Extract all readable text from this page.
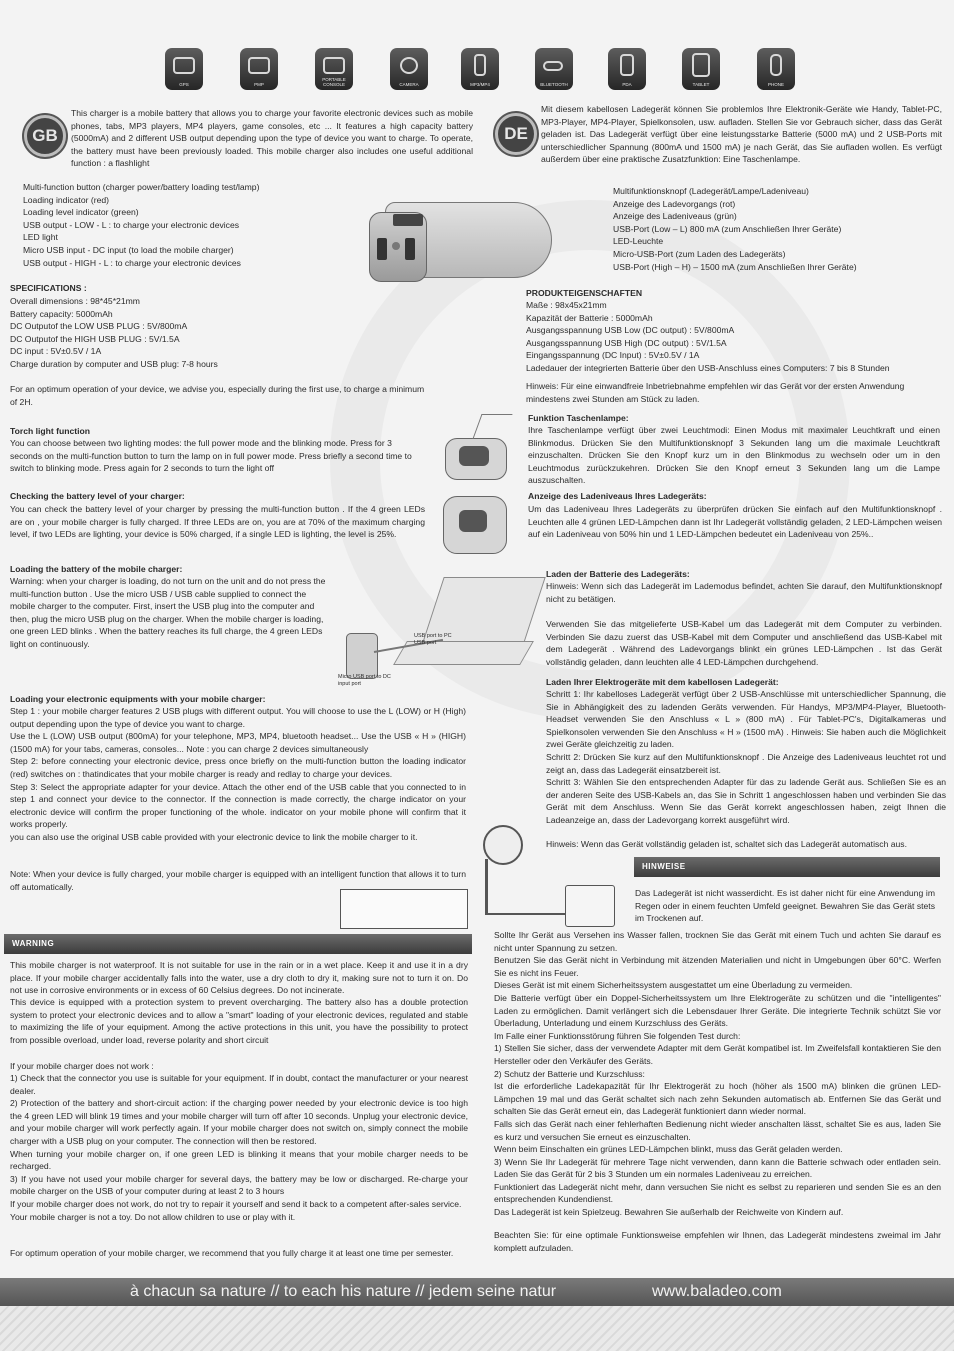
GPS	PMP
PORTABLE CONSOLE	CAMERA	MP3/MP4	BLUETOOTH	PDA	TABLET	PHONE
GB

This charger is a mobile battery that allows you to charge your favorite electronic devices such as mobile phones, tabs, MP3 players, MP4 players, game consoles, etc ... It features a high capacity battery (5000mA) and 2 different USB output depending upon the type of device you want to charge. To operate, the battery must have been previously loaded. This mobile charger also includes one useful additional function : a flashlight

Multi-function button (charger power/battery loading test/lamp)
Loading indicator (red)
Loading level indicator (green)
USB output - LOW - L : to charge your electronic devices
LED light
Micro USB input - DC input (to load the mobile charger)
USB output - HIGH - L : to charge your electronic devices
SPECIFICATIONS :
Overall dimensions : 98*45*21mm
Battery capacity: 5000mAh
DC Outputof the LOW USB PLUG : 5V/800mA
DC Outputof the HIGH USB PLUG : 5V/1.5A
DC input : 5V±0.5V / 1A
Charge duration by computer and USB plug: 7-8 hours

For an optimum operation of your device, we advise you, especially during the first use, to charge a minimum of 2H.

Torch light function

You can choose between two lighting modes: the full power mode and the blinking mode. Press for 3 seconds on the multi-function button to turn the lamp on in full power mode. Press briefly a second time to switch to blinking mode. Press again for 2 seconds to turn the light off

Checking the battery level of your charger:

You can check the battery level of your charger by pressing the multi-function button . If the 4 green LEDs are on , your mobile charger is fully charged. If three LEDs are on, you are at 70% of the maximum charging level, if two LEDs are lighting, your device is 50% charged, if a single LED is lighting, the level is 25%.

Loading the battery of the mobile charger:

Warning: when your charger is loading, do not turn on the unit and do not press the multi-function button . Use the micro USB / USB cable supplied to connect the mobile charger to the computer. First, insert the USB plug into the computer and then, plug the micro USB plug on the charger. When the mobile charger is loading, one green LED blinks . When the battery reaches its full charge, the 4 green LEDs light on continuously.

USB port to PC USB port
Micro USB port to DC input port
Loading your electronic equipments with your mobile charger:

Step 1 : your mobile charger features 2 USB plugs with different output. You will choose to use the L (LOW) or H (High) output depending upon the type of device you want to charge.

Use the L (LOW) USB output (800mA) for your telephone, MP3, MP4, bluetooth headset... Use the USB « H » (HIGH) (1500 mA) for your tabs, cameras, consoles... Note : you can charge 2 devices simultaneously

Step 2: before connecting your electronic device, press once briefly on the multi-function button the loading indicator (red) switches on : thatindicates that your mobile charger is ready and redlay to charge your devices.

Step 3: Select the appropriate adapter for your device. Attach the other end of the USB cable that you connected to in step 1 and connect your device to the connector. If the connection is made correctly, the charge indicator on your electronic device will confirm the proper functioning of the whole. indicator on your mobile phone will confirm that it works properly.

you can also use the original USB cable provided with your electronic device to link the mobile charger to it.

Note: When your device is fully charged, your mobile charger is equipped with an intelligent function that allows it to turn off automatically.

WARNING

This mobile charger is not waterproof. It is not suitable for use in the rain or in a wet place. Keep it and use it in a dry place. If your mobile charger accidentally falls into the water, use a dry cloth to dry it, making sure not to turn it on. Do not use in corrosive environments or in excess of 60 Celsius degrees. Do not incinerate.

This device is equipped with a protection system to prevent overcharging. The battery also has a double protection system to protect your electronic devices and to allow a "smart" loading of your electronic devices, regulated and stable to maximizing the life of your equipment. Among the active protections in this unit, you have the possibility to protect from possible overload, under load, reverse polarity and short circuit

If your mobile charger does not work :

1) Check that the connector you use is suitable for your equipment. If in doubt, contact the manufacturer or your nearest dealer.

2) Protection of the battery and short-circuit action: if the charging power needed by your electronic device is too high the 4 green LED will blink 19 times and your mobile charger will turn off after 10 seconds. Unplug your electronic device, and your mobile charger will work perfectly again. If your mobile charger does not switch on, simply connect the mobile charger with a USB plug on your computer. The connection will then be restored.

When turning your mobile charger on, if one green LED is blinking it means that your mobile charger needs to be recharged.

3) If you have not used your mobile charger for several days, the battery may be low or discharged. Re-charge your mobile charger on the USB of your computer during at least 2 to 3 hours

If your mobile charger does not work, do not try to repair it yourself and send it back to a competent after-sales service.

Your mobile charger is not a toy. Do not allow children to use or play with it.

For optimum operation of your mobile charger, we recommend that you fully charge it at least one time per semester.

DE

Mit diesem kabellosen Ladegerät können Sie problemlos Ihre Elektronik-Geräte wie Handy, Tablet-PC, MP3-Player, MP4-Player, Spielkonsolen, usw. aufladen. Stellen Sie vor Gebrauch sicher, dass das Gerät geladen ist. Das Ladegerät verfügt über eine leistungsstarke Batterie (5000 mA) und 2 USB-Ports mit unterschiedlicher Spannung (800mA und 1500 mA) je nach Gerät, das Sie aufladen wollen. Es verfügt außerdem über eine praktische Zusatzfunktion: Eine Taschenlampe.

Multifunktionsknopf (Ladegerät/Lampe/Ladeniveau)
Anzeige des Ladevorgangs (rot)
Anzeige des Ladeniveaus (grün)
USB-Port (Low – L) 800 mA (zum Anschließen Ihrer Geräte)
LED-Leuchte
Micro-USB-Port (zum Laden des Ladegeräts)
USB-Port (High – H) – 1500 mA (zum Anschließen Ihrer Geräte)
PRODUKTEIGENSCHAFTEN
Maße : 98x45x21mm
Kapazität der Batterie : 5000mAh
Ausgangsspannung USB Low (DC output) : 5V/800mA
Ausgangsspannung USB High (DC output) : 5V/1.5A
Eingangsspannung (DC Input) : 5V±0.5V / 1A
Ladedauer der integrierten Batterie über den USB-Anschluss eines Computers: 7 bis 8 Stunden

Hinweis: Für eine einwandfreie Inbetriebnahme empfehlen wir das Gerät vor der ersten Anwendung mindestens zwei Stunden am Stück zu laden.

Funktion Taschenlampe:

Ihre Taschenlampe verfügt über zwei Leuchtmodi: Einen Modus mit maximaler Leuchtkraft und einen Blinkmodus. Drücken Sie den Multifunktionsknopf 3 Sekunden lang um die maximale Leuchtkraft einzuschalten. Drücken Sie den Knopf kurz um in den Blinkmodus zu wechseln oder um in den Leuchtmodus zurückzukehren. Drücken Sie den Knopf erneut 3 Sekunden lang um die Lampe auszuschalten.

Anzeige des Ladeniveaus Ihres Ladegeräts:

Um das Ladeniveau Ihres Ladegeräts zu überprüfen drücken Sie einfach auf den Multifunktionsknopf . Leuchten alle 4 grünen LED-Lämpchen dann ist Ihr Ladegerät vollständig geladen, 2 LED-Lämpchen weisen auf ein Ladeniveau von 50% hin und 1 LED-Lämpchen bedeutet ein Ladeniveau von 25%..

Laden der Batterie des Ladegeräts:

Hinweis: Wenn sich das Ladegerät im Lademodus befindet, achten Sie darauf, den Multifunktionsknopf nicht zu betätigen.

Verwenden Sie das mitgelieferte USB-Kabel um das Ladegerät mit dem Computer zu verbinden. Verbinden Sie dazu zuerst das USB-Kabel mit dem Computer und anschließend das USB-Kabel mit dem Ladegerät . Während des Ladevorgangs blinkt ein grünes LED-Lämpchen . Ist das Gerät vollständig geladen, dann leuchten alle 4 LED-Lämpchen durchgehend.

Laden Ihrer Elektrogeräte mit dem kabellosen Ladegerät:

Schritt 1: Ihr kabelloses Ladegerät verfügt über 2 USB-Anschlüsse mit unterschiedlicher Spannung, die Sie in Abhängigkeit des zu ladenden Geräts verwenden. Für Handys, MP3/MP4-Player, Bluetooth-Headset verwenden Sie den Anschluss « L » (800 mA) . Für Tablet-PC's, Digitalkameras und Spielkonsolen verwenden Sie den Anschluss « H » (1500 mA) . Hinweis: Sie haben auch die Möglichkeit zwei Geräte gleichzeitig zu laden.

Schritt 2: Drücken Sie kurz auf den Multifunktionsknopf . Die Anzeige des Ladeniveaus leuchtet rot und zeigt an, dass das Ladegerät einsatzbereit ist.

Schritt 3: Wählen Sie den entsprechenden Adapter für das zu ladende Gerät aus. Schließen Sie es an der anderen Seite des USB-Kabels an, das Sie in Schritt 1 angeschlossen haben und verbinden Sie das Gerät mit dem Anschluss. Wenn Sie das Gerät korrekt angeschlossen haben, zeigt Ihnen die Ladeanzeige an, dass der Ladevorgang korrekt ausgeführt wird.

Hinweis: Wenn das Gerät vollständig geladen ist, schaltet sich das Ladegerät automatisch aus.

HINWEISE

Das Ladegerät ist nicht wasserdicht. Es ist daher nicht für eine Anwendung im Regen oder in einem feuchten Umfeld geeignet. Bewahren Sie das Gerät stets im Trockenen auf.

Sollte Ihr Gerät aus Versehen ins Wasser fallen, trocknen Sie das Gerät mit einem Tuch und achten Sie darauf es nicht unter Spannung zu setzen.

Benutzen Sie das Gerät nicht in Verbindung mit ätzenden Materialien und nicht in Umgebungen über 60°C. Werfen Sie es nicht ins Feuer.

Dieses Gerät ist mit einem Sicherheitssystem ausgestattet um eine Überladung zu vermeiden.

Die Batterie verfügt über ein Doppel-Sicherheitssystem um Ihre Elektrogeräte zu schützen und die "intelligentes" Laden zu ermöglichen. Damit verlängert sich die Lebensdauer Ihrer Geräte. Die integrierte Technik schützt Sie vor Überladung, Unterladung und einem Kurzschluss des Geräts.

Im Falle einer Funktionsstörung führen Sie folgenden Test durch:

1) Stellen Sie sicher, dass der verwendete Adapter mit dem Gerät kompatibel ist. Im Zweifelsfall kontaktieren Sie den Hersteller oder den Verkäufer des Geräts.

2) Schutz der Batterie und Kurzschluss:

Ist die erforderliche Ladekapazität für Ihr Elektrogerät zu hoch (höher als 1500 mA) blinken die grünen LED-Lämpchen 19 mal und das Gerät schaltet sich nach zehn Sekunden automatisch ab. Entfernen Sie das Gerät und schalten Sie das Gerät erneut ein, das Ladegerät funktioniert dann wieder normal.

Falls sich das Gerät nach einer fehlerhaften Bedienung nicht wieder anschalten lässt, schaltet Sie es aus, laden Sie es kurz und versuchen Sie erneut es einzuschalten.

Wenn beim Einschalten ein grünes LED-Lämpchen blinkt, muss das Gerät geladen werden.

3) Wenn Sie Ihr Ladegerät für mehrere Tage nicht verwenden, dann kann die Batterie schwach oder entladen sein. Laden Sie das Gerät für 2 bis 3 Stunden um ein normales Ladeniveau zu erreichen.

Funktioniert das Ladegerät nicht mehr, dann versuchen Sie nicht es selbst zu reparieren und senden Sie es an den entsprechenden Kundendienst.

Das Ladegerät ist kein Spielzeug. Bewahren Sie außerhalb der Reichweite von Kindern auf.

Beachten Sie: für eine optimale Funktionsweise empfehlen wir Ihnen, das Ladegerät mindestens zweimal im Jahr komplett aufzuladen.

à chacun sa nature // to each his nature // jedem seine natur	www.baladeo.com
